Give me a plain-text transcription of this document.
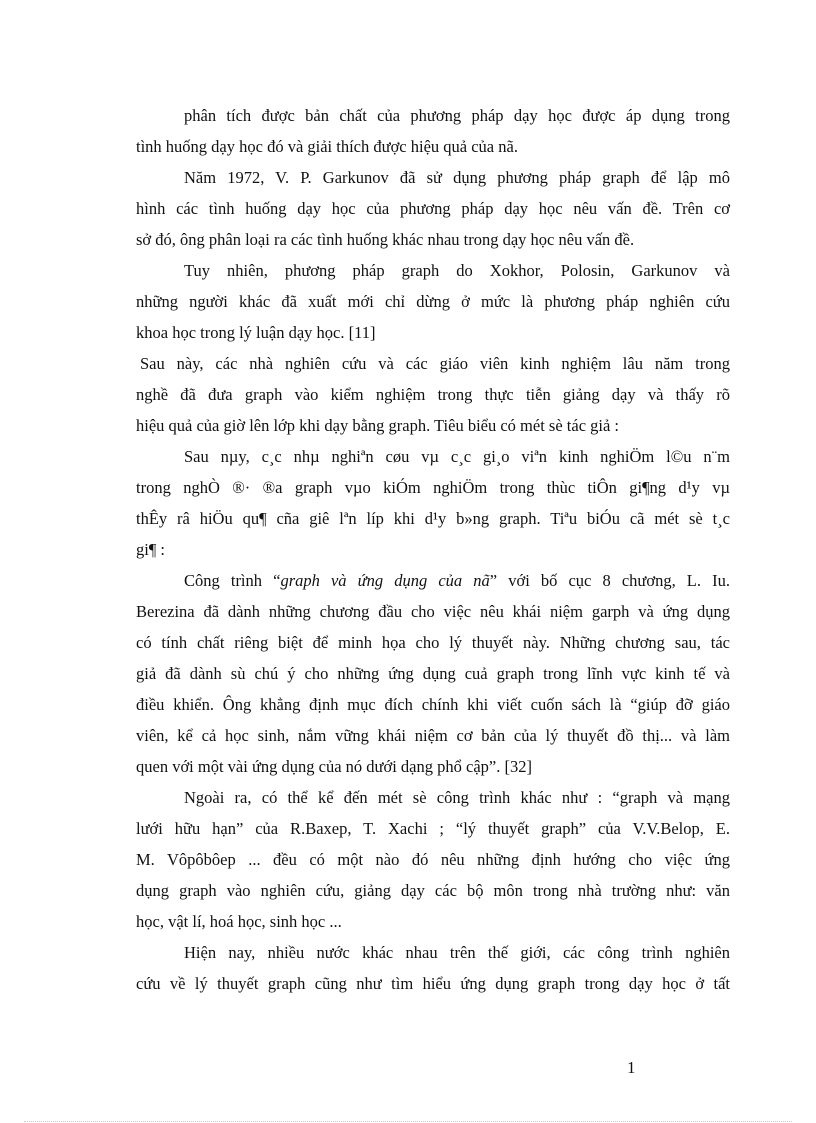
phân tích được bản chất của phương pháp dạy học được áp dụng trong
tình huống dạy học đó và giải thích được hiệu quả của nã.

Năm 1972, V. P. Garkunov đã sử dụng phương pháp graph để lập mô
hình các tình huống dạy học của phương pháp dạy học nêu vấn đề. Trên cơ
sở đó, ông phân loại ra các tình huống khác nhau trong dạy học nêu vấn đề.

Tuy nhiên, phương pháp graph do Xokhor, Polosin, Garkunov và
những người khác đã xuất mới chỉ dừng ở mức là phương pháp nghiên cứu
khoa học trong lý luận dạy học. [11]

Sau này, các nhà nghiên cứu và các giáo viên kinh nghiệm lâu năm trong
nghề đã đưa graph vào kiểm nghiệm trong thực tiễn giảng dạy và thấy rõ
hiệu quả của giờ lên lớp khi dạy bằng graph. Tiêu biểu có mét sè tác giả :

Sau nµy, c¸c nhµ nghiªn cøu vµ c¸c gi¸o viªn kinh nghiÖm l©u n¨m
trong nghÒ ®· ®a graph vµo kiÓm nghiÖm trong thùc tiÔn gi¶ng d¹y vµ
thÊy râ hiÖu qu¶ cña giê lªn líp khi d¹y b»ng graph. Tiªu biÓu cã mét sè t¸c
gi¶ :

Công trình “graph và ứng dụng của nã” với bố cục 8 chương, L. Iu.
Berezina đã dành những chương đầu cho việc nêu khái niệm garph và ứng dụng
có tính chất riêng biệt để minh họa cho lý thuyết này. Những chương sau, tác
giả đã dành sù chú ý cho những ứng dụng cuả graph trong lĩnh vực kinh tế và
điều khiển. Ông khẳng định mục đích chính khi viết cuốn sách là “giúp đỡ giáo
viên, kể cả học sinh, nắm vững khái niệm cơ bản của lý thuyết đồ thị... và làm
quen với một vài ứng dụng của nó dưới dạng phổ cập”. [32]

Ngoài ra, có thể kể đến mét sè công trình khác như : “graph và mạng
lưới hữu hạn” của R.Baxep, T. Xachi ; “lý thuyết graph” của V.V.Belop, E.
M. Vôpôbôep ... đều có một nào đó nêu những định hướng cho việc ứng
dụng graph vào nghiên cứu, giảng dạy các bộ môn trong nhà trường như: văn
học, vật lí, hoá học, sinh học ...

Hiện nay, nhiều nước khác nhau trên thế giới, các công trình nghiên
cứu về lý thuyết graph cũng như tìm hiểu ứng dụng graph trong dạy học ở tất

1
